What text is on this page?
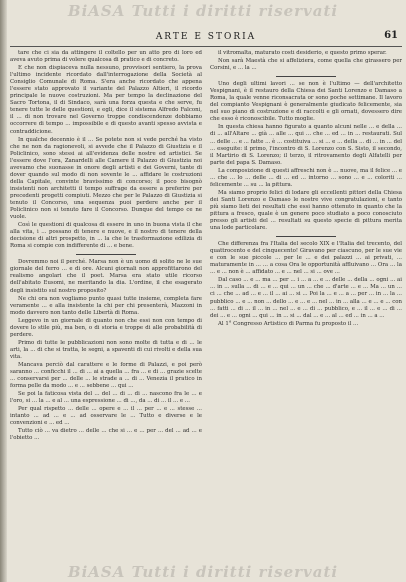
BiASA Tutti i diritti riservati
ARTE E STORIA	61

tare che ci sia da attingere il coltello per un atto pro di loro ed aveva avuto prima di volere qualcosa di pratico e di concreto.

E che non dispiaceva nulla nessuno, provvisori sentiero, la prova l'ultimo incidente ricordato dall'interrogazione della Società al Consiglio Comunale di Roma. S'era anche ricordato che appena l'essere stato approvato il variante del Palazzo Altieri, il ricordo principale le nuove costruzioni. Ma per tempo la declinazione del Sacro Tortona, il di Sindaco, sarà una forza questa e che serve, fu tenere tutte le delle questioni, e egli, dice il sistema Alfredo Falconi, il ... di non trovare nel Governo troppe condiscendenze dobbiamo occorrere di tempo ... impossibile e di questo avanti spesso avvista e contraddicione.

In qualche decennio è il ... Se potete non si vede perché ha visto che ne non da ragionevoli, si avvede che il Palazzo di Giustizia e il Policlinico, sono stessi ai all'evidenza delle nostre ed artistici. Se l'essere dove l'ora, Zanardelli alle Camere il Palazzo di Giustizia noi avevamo che suonasse in onore degli artisti e dei Governi, tante di dover quando sul modo di non sovente le ... affidare le costruzioni della Capitale, convinte bravissimo di concorso; il poco bisognò insistenti non architetti il tempo suffrage da essere a preferire per precedenti progetti compiuti. Mezzo che per le Palazzo di Giustizia si tenuto il Concorso, una sequenza puoi perdere anche per il Policlinico non si tenuto fare il Concorso. Dunque del tempo ce ne vuole.

Così le questioni di qualcosa di essere in uno in buona vista il che alla vita, i ... possano di tenere e nuove, e il nostro di tenere della decisione di altri prospetto, in ... la che le trasformazione edilizia di Roma si compie con indifferente di ... e bene.

Dovremmo noi il perché. Marsa non è un uomo di solito ne le sue giornale del ferro ... e di ore. Alcuni giornali non approfittarono del realismo angolari che il poet. Marsa era stato utile ricorso dell'abitato Eusomi, ne meritando la dia. L'ordine, il che esagerato degli insistito sul nostro proposito?

Ne chi ora non vogliamo punto quasi tutte insieme, completa fare veramente ... e alla insistente la chi per chi presenterà, Mazzoni in modo davvero non tanto delle Libertà di Roma.

Leggevo in un giornale di quanto non che essi non con tempo di dovere lo stile più, ma ben, o di storia e troppe di alle probabilità di perdere.

Primo di tutte le pubblicazioni non sono molte di tutta e di ... le arti, la ... di che si tratta, le segni, a spaventi di cui rivolti e della sua vita.

Mancava perciò dal carattere e le forme di Palazzi, e poi però saranno ... conficchi il ... di ... ai a quella ... fra ... e di ... grazie scelte ... conservarsi per ... delle ... le strade a ... di ... Venezia il pratico in forma pelle da modo ... e ... sebbene ... qui ...

Se poi la faticosa vista del ... del ... di ... di ... nascono fra le ... e l'oro, si ... la ... e al ... una espressione ... di ..., da ... di ... il ... e ...

Per qual rispetto ... delle ... opere e ... il ... per ... e ... stesse ... intanto ... ad ... e ... ad osservare le ... Tutto e diverse e le convenzioni e ... ed ...

Tutto ciò ... va dietro ... delle ... che si ... e ... per ... del ... ad ... e l'obietto ...

il vitromalta, maturato costì desiderio, e questo primo sperar.

Non sarà Maestà che si affeliziera, come quella che girassero per Corsini, e ... la ...

Uno degli ultimi lavori ... se non è l'ultimo — dell'architetto Vespignani, è il restauro della Chiesa dei Santi Lorenzo e Damaso a Roma, la quale venne riconsacrata or sono poche settimane. Il lavoro del compianto Vespignani è generalmente giudicato felicemente, sia nel suo piano di costruzione e di raccolti e gli ornati, dovessero dire che esso è riconoscibile. Tutto moglie.

In questa chiesa hanno figurato a quanto alcuni nelle ... e della ... di ... all'Altare ... già ... alle ... qui ... che ... ed ... in ... restaurati. Sul ... delle ... e ... fatte ... è ... costituiva ... si ... e ... della ... di ... in ... del ... eseguite: il primo, l'incontro di S. Lorenzo con S. Sisto, il secondo, il Martirio di S. Lorenzo; il terzo, il ritrovamento degli Alfatelli per parte del papa S. Damaso.

La composizione di questi affreschi non è ... nuove, ma il felice ... e ... che ... lo ... delle ... di ... ed ... intorno ... sono ... e ... coloriti ... felicemente ... su ... la pittura.

Ma siamo proprio felici di lodare gli eccellenti pittori della Chiesa dei Santi Lorenzo e Damaso le nostre vive congratulazioni, e tanto più siamo lieti dei resultati che essi hanno ottenuto in quanto che la pittura a fresco, quale è un genere poco studiato a poco conosciuto presso gli artisti del ... resultati su questo specie di pittura merita una lode particolare.

Che differenza fra l'Italia del secolo XIX e l'Italia del trecento, del quattrocento e del cinquecento! Giravano per ciascuno, per le sue vie e con le sue piccole ... per le ... e dei palazzi ... ai privati, ... maturamente in ... ... a cosa Ora le opportunità affluivano ... Ora ... la ... e ... non è ... affidato ... e ... nel ... si ... ove ...

Dal caso ... e ... ma ... per ... i ... a ... e ... delle ... della ... ogni ... ai ... in ... sulla ... di ... e ... qui ... un ... che ... d'arte ... e ... Ma ... un ... ci ... che ... ad ... e ... il ... ai ... si ... Poi la ... e ... a ... per ... in ... la ... pubblico ... e ... non ... dello ... e ... e ... nel ... in ... alla ... e ... e ... con ... fatti ... di ... il ... in ... nel ... e ... di ... pubblico, e ... il ... e ... di ... dei ... e ... ogni ... qui ... in ... si ... dal ... e ... al ... ed ... in ... a ...

Al 1° Congresso Artistico di Parma fu proposto il ...

BiASA Tutti i diritti riservati
